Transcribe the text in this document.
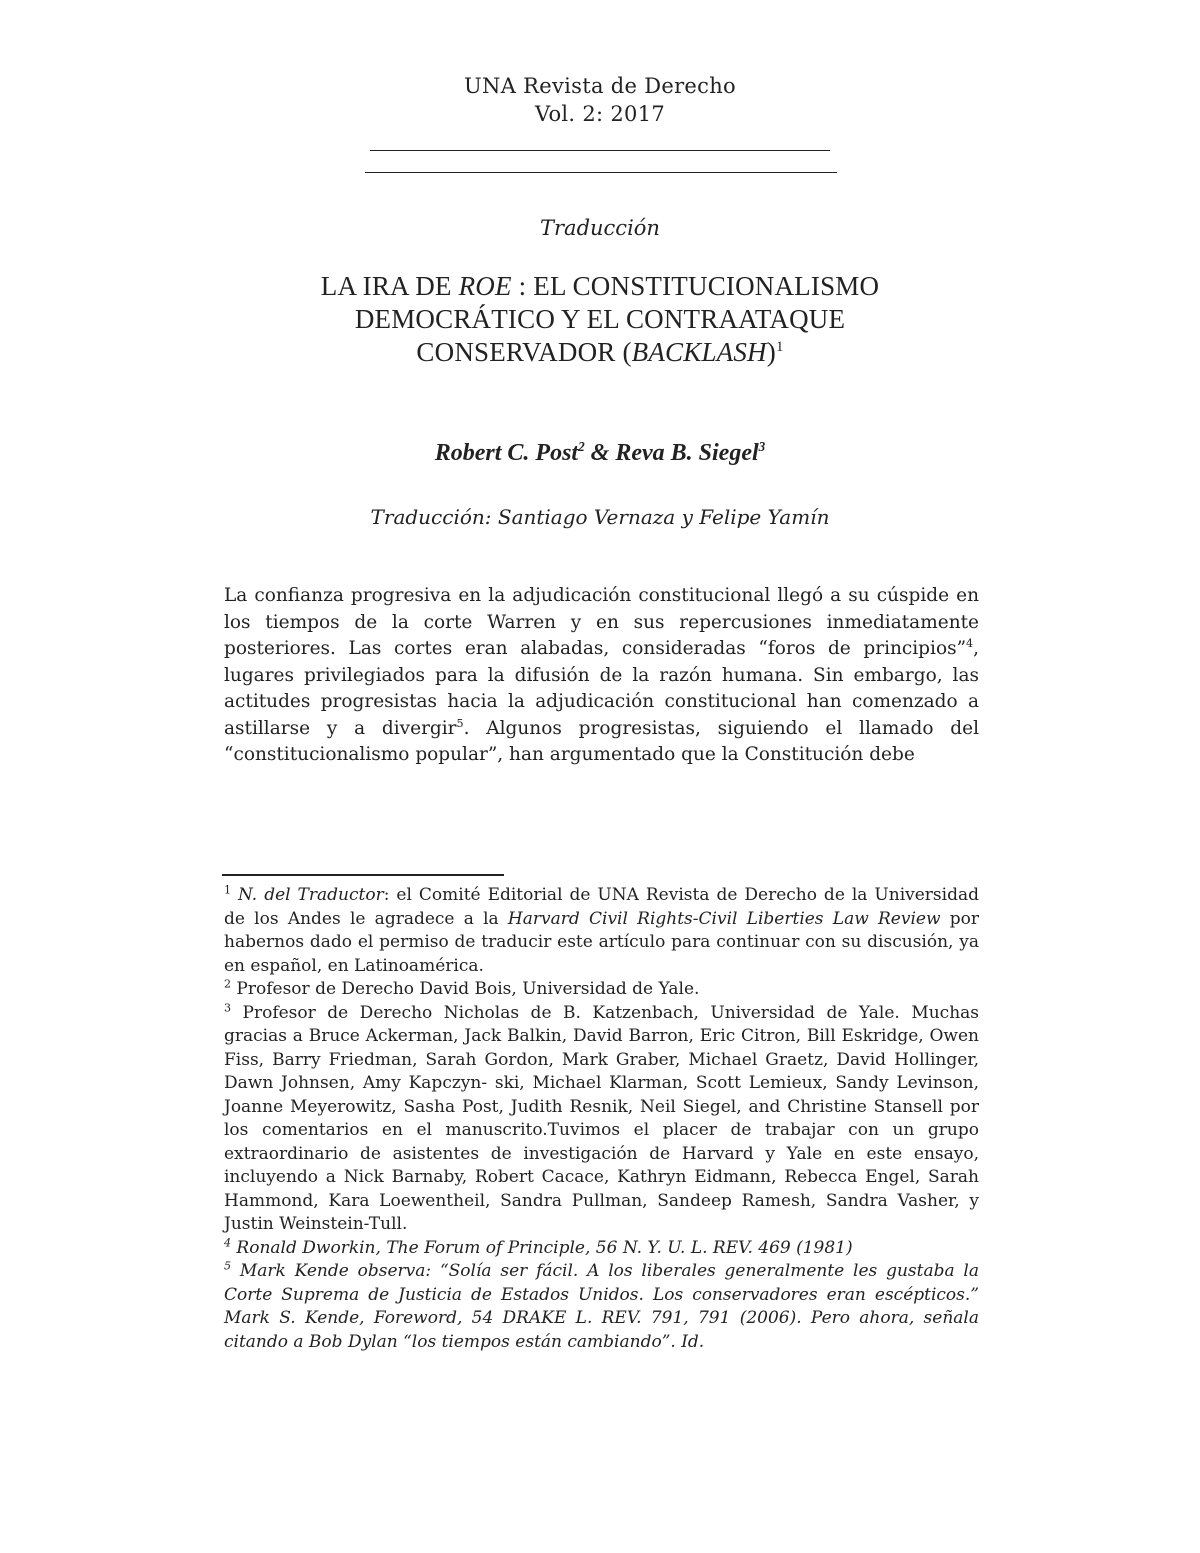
UNA Revista de Derecho
Vol. 2: 2017
Traducción
LA IRA DE ROE : EL CONSTITUCIONALISMO
DEMOCRÁTICO Y EL CONTRAATAQUE
CONSERVADOR (BACKLASH)$^1$
Robert C. Post$^2$ & Reva B. Siegel$^3$
Traducción: Santiago Vernaza y Felipe Yamín
La confianza progresiva en la adjudicación constitucional llegó a su cúspide en los tiempos de la corte Warren y en sus repercusiones inmediatamente posteriores. Las cortes eran alabadas, consideradas “foros de principios”$^4$, lugares privilegiados para la difusión de la razón humana. Sin embargo, las actitudes progresistas hacia la adjudicación constitucional han comenzado a astillarse y a divergir$^5$. Algunos progresistas, siguiendo el llamado del “constitucionalismo popular”, han argumentado que la Constitución debe

$^1$ N. del Traductor: el Comité Editorial de UNA Revista de Derecho de la Universidad de los Andes le agradece a la Harvard Civil Rights-Civil Liberties Law Review por habernos dado el permiso de traducir este artículo para continuar con su discusión, ya en español, en Latinoamérica.

$^2$ Profesor de Derecho David Bois, Universidad de Yale.

$^3$ Profesor de Derecho Nicholas de B. Katzenbach, Universidad de Yale. Muchas gracias a Bruce Ackerman, Jack Balkin, David Barron, Eric Citron, Bill Eskridge, Owen Fiss, Barry Friedman, Sarah Gordon, Mark Graber, Michael Graetz, David Hollinger, Dawn Johnsen, Amy Kapczyn- ski, Michael Klarman, Scott Lemieux, Sandy Levinson, Joanne Meyerowitz, Sasha Post, Judith Resnik, Neil Siegel, and Christine Stansell por los comentarios en el manuscrito.Tuvimos el placer de trabajar con un grupo extraordinario de asistentes de investigación de Harvard y Yale en este ensayo, incluyendo a Nick Barnaby, Robert Cacace, Kathryn Eidmann, Rebecca Engel, Sarah Hammond, Kara Loewentheil, Sandra Pullman, Sandeep Ramesh, Sandra Vasher, y Justin Weinstein-Tull.

$^4$ Ronald Dworkin, The Forum of Principle, 56 N. Y. U. L. REV. 469 (1981)

$^5$ Mark Kende observa: “Solía ser fácil. A los liberales generalmente les gustaba la Corte Suprema de Justicia de Estados Unidos. Los conservadores eran escépticos.” Mark S. Kende, Foreword, 54 DRAKE L. REV. 791, 791 (2006). Pero ahora, señala citando a Bob Dylan “los tiempos están cambiando”. Id.
